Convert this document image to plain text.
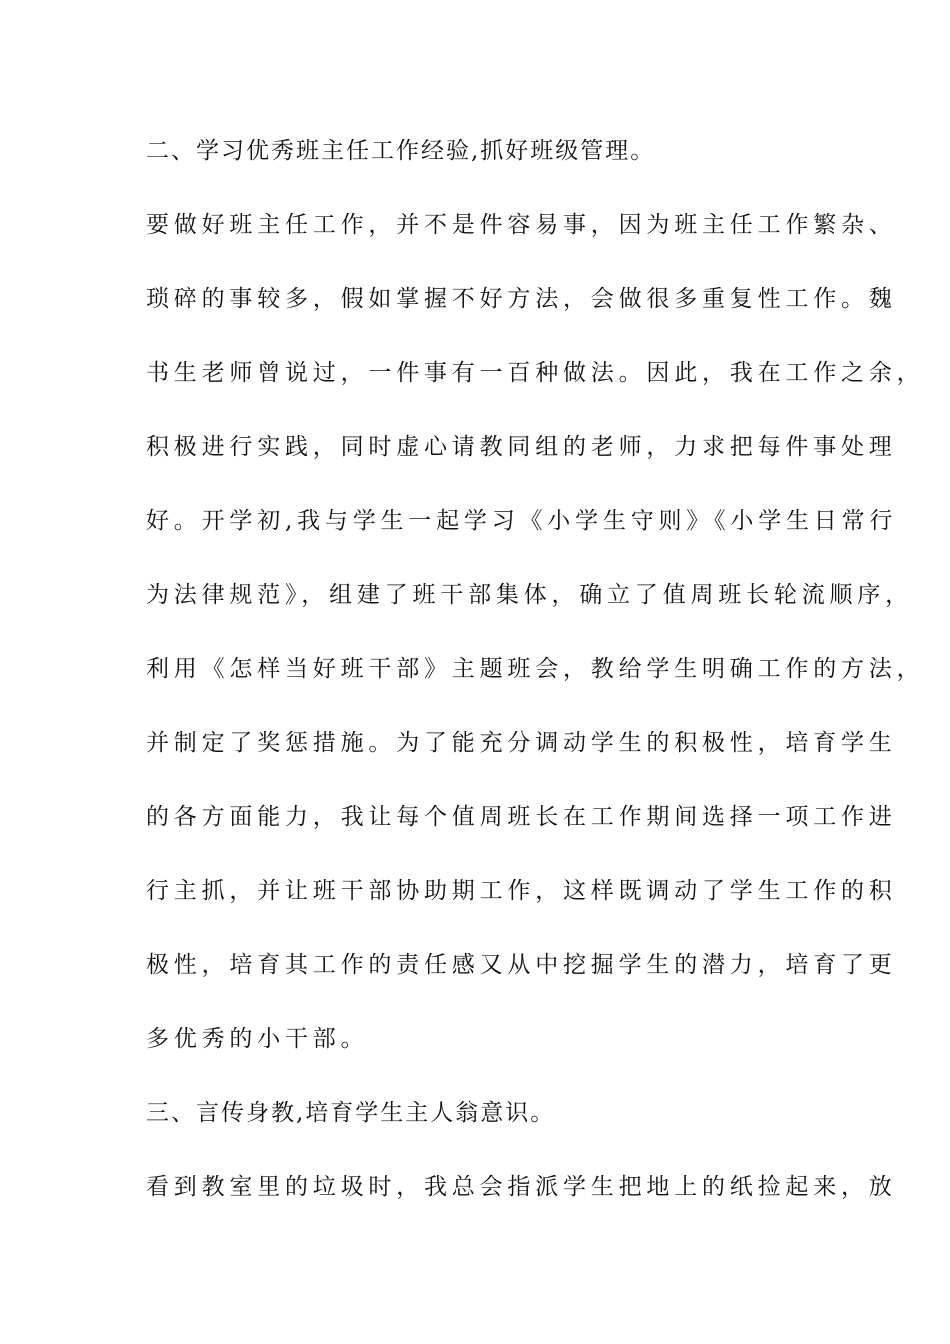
二、学习优秀班主任工作经验,抓好班级管理。
要做好班主任工作，并不是件容易事，因为班主任工作繁杂、
琐碎的事较多，假如掌握不好方法，会做很多重复性工作。魏
书生老师曾说过，一件事有一百种做法。因此，我在工作之余，
积极进行实践，同时虚心请教同组的老师，力求把每件事处理
好。开学初,我与学生一起学习《小学生守则》《小学生日常行
为法律规范》，组建了班干部集体，确立了值周班长轮流顺序，
利用《怎样当好班干部》主题班会，教给学生明确工作的方法，
并制定了奖惩措施。为了能充分调动学生的积极性，培育学生
的各方面能力，我让每个值周班长在工作期间选择一项工作进
行主抓，并让班干部协助期工作，这样既调动了学生工作的积
极性，培育其工作的责任感又从中挖掘学生的潜力，培育了更
多优秀的小干部。
三、言传身教,培育学生主人翁意识。
看到教室里的垃圾时，我总会指派学生把地上的纸捡起来，放
